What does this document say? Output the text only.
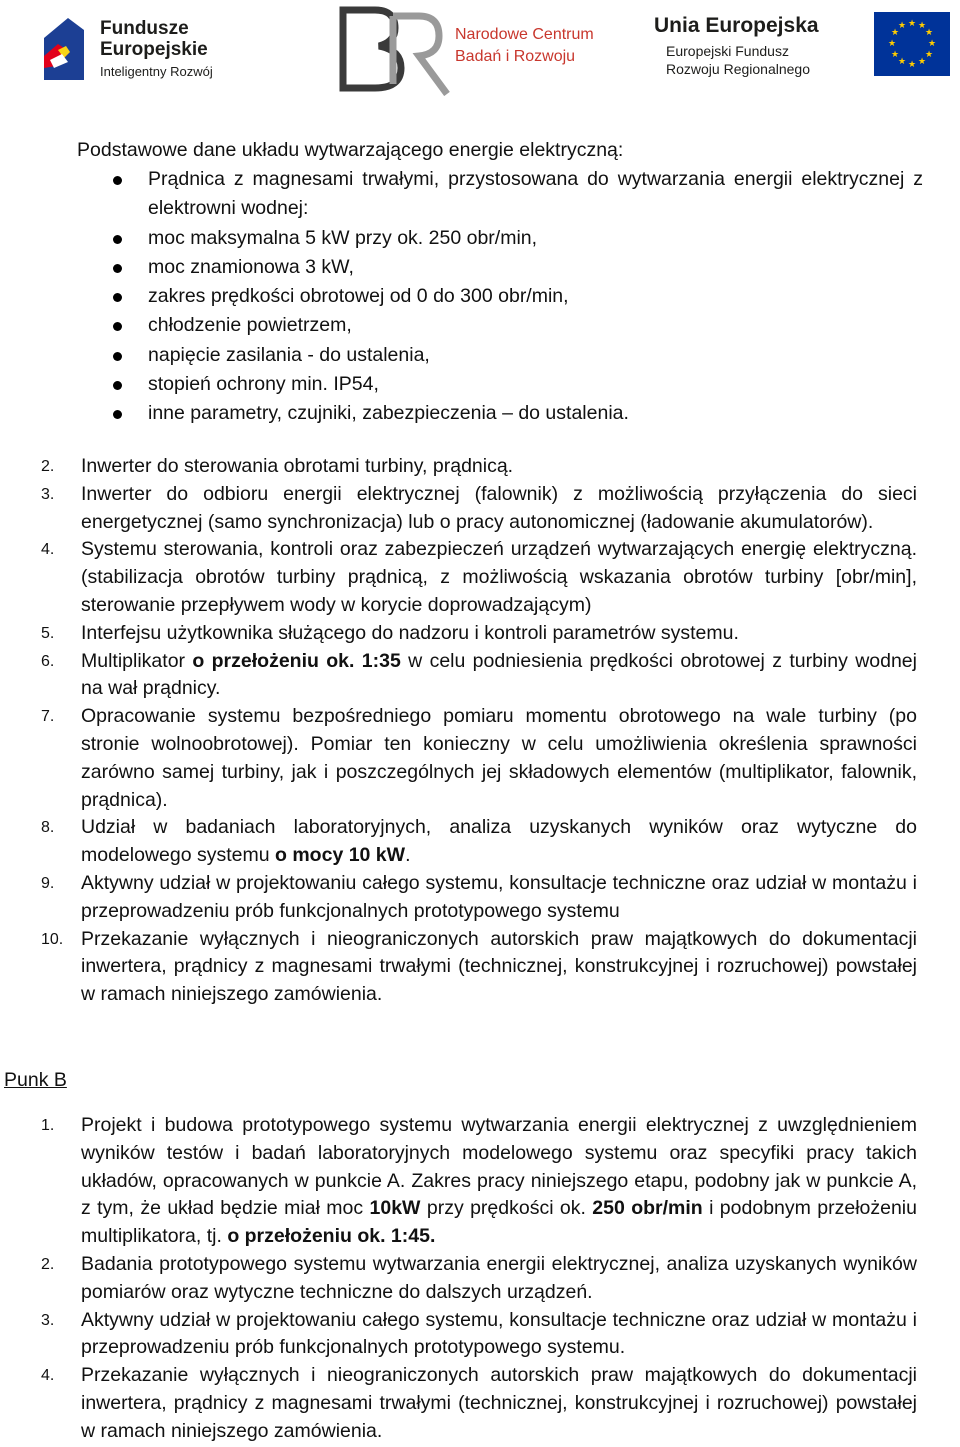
Fundusze
Europejskie
Inteligentny Rozwój
Narodowe Centrum
Badań i Rozwoju
Unia Europejska
Europejski Fundusz
Rozwoju Regionalnego
★ ★
★
★
★
★
★
★
★
★
★
★
Podstawowe dane układu wytwarzającego energie elektryczną:
Prądnica z magnesami trwałymi, przystosowana do wytwarzania energii elektrycznej z elektrowni wodnej:
moc maksymalna 5 kW przy ok. 250 obr/min,
moc znamionowa 3 kW,
zakres prędkości obrotowej od 0 do 300 obr/min,
chłodzenie powietrzem,
napięcie zasilania - do ustalenia,
stopień ochrony min. IP54,
inne parametry, czujniki, zabezpieczenia – do ustalenia.
2.	Inwerter do sterowania obrotami turbiny, prądnicą.
3.	Inwerter do odbioru energii elektrycznej (falownik) z możliwością przyłączenia do sieci energetycznej (samo synchronizacja) lub o pracy autonomicznej (ładowanie akumulatorów).
4.	Systemu sterowania, kontroli oraz zabezpieczeń urządzeń wytwarzających energię elektryczną.(stabilizacja obrotów turbiny prądnicą, z możliwością wskazania obrotów turbiny [obr/min], sterowanie przepływem wody w korycie doprowadzającym)
5.	Interfejsu użytkownika służącego do nadzoru i kontroli parametrów systemu.
6.	Multiplikator o przełożeniu ok. 1:35 w celu podniesienia prędkości obrotowej z turbiny wodnej na wał prądnicy.
7.	Opracowanie systemu bezpośredniego pomiaru momentu obrotowego na wale turbiny (po stronie wolnoobrotowej). Pomiar ten konieczny w celu umożliwienia określenia sprawności zarówno samej turbiny, jak i poszczególnych jej składowych elementów (multiplikator, falownik, prądnica).
8.	Udział w badaniach laboratoryjnych, analiza uzyskanych wyników oraz wytyczne do modelowego systemu o mocy 10 kW.
9.	Aktywny udział w projektowaniu całego systemu, konsultacje techniczne oraz udział w montażu i przeprowadzeniu prób funkcjonalnych prototypowego systemu
10. Przekazanie wyłącznych i nieograniczonych autorskich praw majątkowych do dokumentacji inwertera, prądnicy z magnesami trwałymi (technicznej, konstrukcyjnej i rozruchowej) powstałej w ramach niniejszego zamówienia.
Punk B
1.	Projekt i budowa prototypowego systemu wytwarzania energii elektrycznej z uwzględnieniem wyników testów i badań laboratoryjnych modelowego systemu oraz specyfiki pracy takich układów, opracowanych w punkcie A. Zakres pracy niniejszego etapu, podobny jak w punkcie A, z tym, że układ będzie miał moc 10kW przy prędkości ok. 250 obr/min i podobnym przełożeniu multiplikatora, tj. o przełożeniu ok. 1:45.
2.	Badania prototypowego systemu wytwarzania energii elektrycznej, analiza uzyskanych wyników pomiarów oraz wytyczne techniczne do dalszych urządzeń.
3.	Aktywny udział w projektowaniu całego systemu, konsultacje techniczne oraz udział w montażu i przeprowadzeniu prób funkcjonalnych prototypowego systemu.
4.	Przekazanie wyłącznych i nieograniczonych autorskich praw majątkowych do dokumentacji inwertera, prądnicy z magnesami trwałymi (technicznej, konstrukcyjnej i rozruchowej) powstałej w ramach niniejszego zamówienia.
